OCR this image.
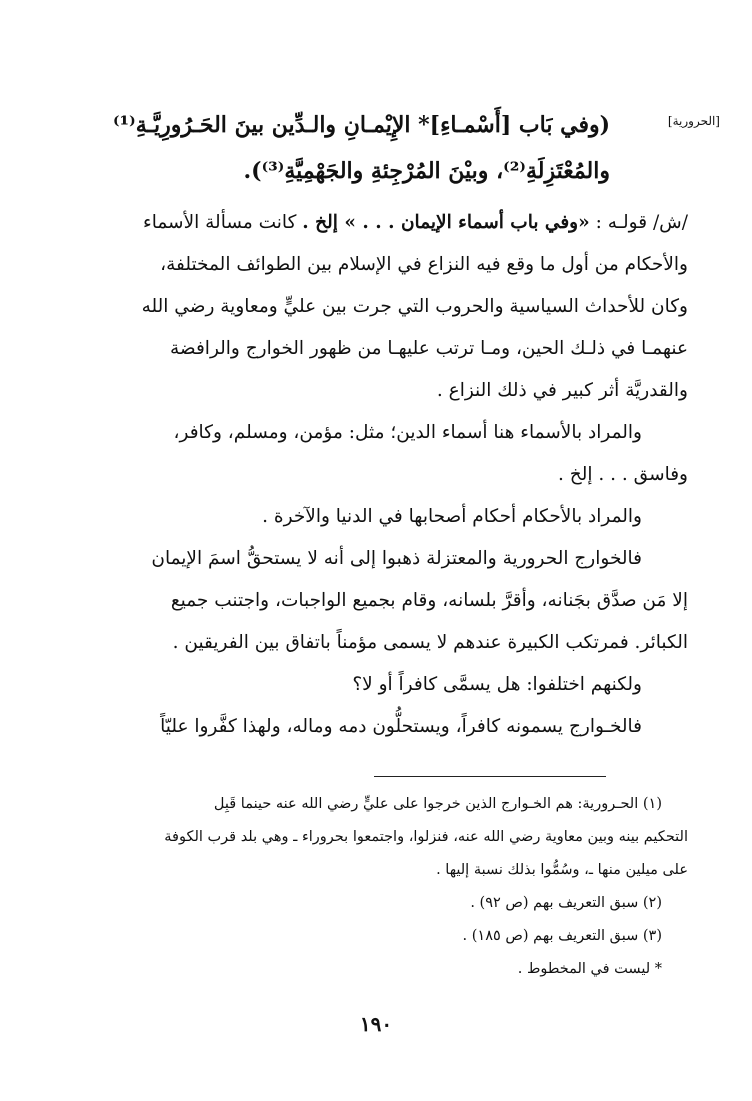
[الحرورية]
(وفي بَاب [أَسْمـاءِ]* الإِيْمـانِ والـدِّين بينَ الحَـرُورِيَّـةِ⁽¹⁾
والمُعْتَزِلَةِ⁽²⁾، وبيْنَ المُرْجِئةِ والجَهْمِيَّةِ⁽³⁾).
/ش/ قولـه : «وفي باب أسماء الإيمان . . . » إلخ . كانت مسألة الأسماء
والأحكام من أول ما وقع فيه النزاع في الإسلام بين الطوائف المختلفة،
وكان للأحداث السياسية والحروب التي جرت بين عليٍّ ومعاوية رضي الله
عنهمـا في ذلـك الحين، ومـا ترتب عليهـا من ظهور الخوارج والرافضة
والقدريَّة أثر كبير في ذلك النزاع .
والمراد بالأسماء هنا أسماء الدين؛ مثل: مؤمن، ومسلم، وكافر،
وفاسق . . . إلخ .
والمراد بالأحكام أحكام أصحابها في الدنيا والآخرة .
فالخوارج الحرورية والمعتزلة ذهبوا إلى أنه لا يستحقُّ اسمَ الإيمان
إلا مَن صدَّق بجَنانه، وأقرَّ بلسانه، وقام بجميع الواجبات، واجتنب جميع
الكبائر. فمرتكب الكبيرة عندهم لا يسمى مؤمناً باتفاق بين الفريقين .
ولكنهم اختلفوا: هل يسمَّى كافراً أو لا؟
فالخـوارج يسمونه كافراً، ويستحلُّون دمه وماله، ولهذا كفَّروا عليّاً
(١) الحـرورية: هم الخـوارج الذين خرجوا على عليٍّ رضي الله عنه حينما قَبِل
التحكيم بينه وبين معاوية رضي الله عنه، فنزلوا، واجتمعوا بحروراء ـ وهي بلد قرب الكوفة
على ميلين منها ـ، وسُمُّوا بذلك نسبة إليها .
(٢) سبق التعريف بهم (ص ٩٢) .
(٣) سبق التعريف بهم (ص ١٨٥) .
* ليست في المخطوط .
١٩٠
